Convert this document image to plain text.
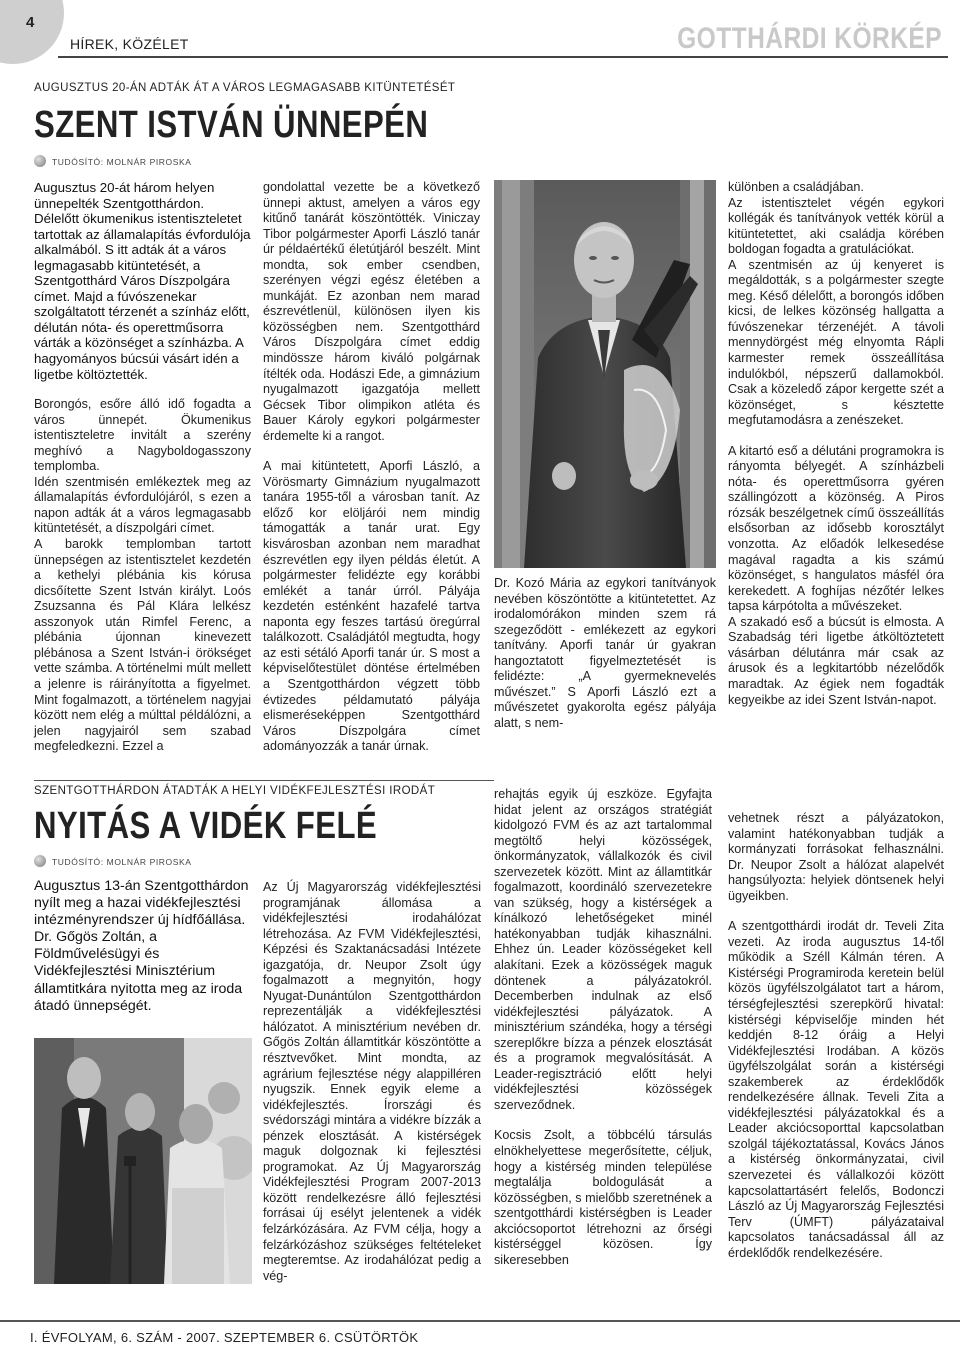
4
HÍREK, KÖZÉLET	GOTTHÁRDI KÖRKÉP
AUGUSZTUS 20-ÁN ADTÁK ÁT A VÁROS LEGMAGASABB KITÜNTETÉSÉT
SZENT ISTVÁN ÜNNEPÉN
TUDÓSÍTÓ: MOLNÁR PIROSKA

Augusztus 20-át három helyen ünnepelték Szentgotthárdon. Délelőtt ökumenikus istentiszteletet tartottak az államalapítás évfordulója alkalmából. S itt adták át a város legmagasabb kitüntetését, a Szentgotthárd Város Díszpolgára címet. Majd a fúvószenekar szolgáltatott térzenét a színház előtt, délután nóta- és operettműsorra várták a közönséget a színházba. A hagyományos búcsúi vásárt idén a ligetbe költöztették.

Borongós, esőre álló idő fogadta a város ünnepét. Ökumenikus istentiszteletre invitált a szerény meghívó a Nagyboldogasszony templomba.

Idén szentmisén emlékeztek meg az államalapítás évfordulójáról, s ezen a napon adták át a város legmagasabb kitüntetését, a díszpolgári címet.

A barokk templomban tartott ünnepségen az istentisztelet kezdetén a kethelyi plébánia kis kórusa dicsőítette Szent István királyt. Loós Zsuzsanna és Pál Klára lelkész asszonyok után Rimfel Ferenc, a plébánia újonnan kinevezett plébánosa a Szent István-i örökséget vette számba. A történelmi múlt mellett a jelenre is ráirányította a figyelmet. Mint fogalmazott, a történelem nagyjai között nem elég a múlttal példálózni, a jelen nagyjairól sem szabad megfeledkezni. Ezzel a

gondolattal vezette be a következő ünnepi aktust, amelyen a város egy kitűnő tanárát köszöntötték. Viniczay Tibor polgármester Aporfi László tanár úr példaértékű életútjáról beszélt. Mint mondta, sok ember csendben, szerényen végzi egész életében a munkáját. Ez azonban nem marad észrevétlenül, különösen ilyen kis közösségben nem. Szentgotthárd Város Díszpolgára címet eddig mindössze három kiváló polgárnak ítélték oda. Hodászi Ede, a gimnázium nyugalmazott igazgatója mellett Gécsek Tibor olimpikon atléta és Bauer Károly egykori polgármester érdemelte ki a rangot.

A mai kitüntetett, Aporfi László, a Vörösmarty Gimnázium nyugalmazott tanára 1955-től a városban tanít. Az előző kor elöljárói nem mindig támogatták a tanár urat. Egy kisvárosban azonban nem maradhat észrevétlen egy ilyen példás életút. A polgármester felidézte egy korábbi emlékét a tanár úrról. Pályája kezdetén esténként hazafelé tartva naponta egy feszes tartású öregúrral találkozott. Családjától megtudta, hogy az esti sétáló Aporfi tanár úr. S most a képviselőtestület döntése értelmében a Szentgotthárdon végzett több évtizedes példamutató pályája elismeréseképpen Szentgotthárd Város Díszpolgára címet adományozzák a tanár úrnak.

Dr. Kozó Mária az egykori tanítványok nevében köszöntötte a kitüntetettet. Az irodalomórákon minden szem rá szegeződött - emlékezett az egykori tanítvány. Aporfi tanár úr gyakran hangoztatott figyelmeztetését is felidézte: „A gyermeknevelés művészet.” S Aporfi László ezt a művészetet gyakorolta egész pályája alatt, s nem-

különben a családjában.

Az istentisztelet végén egykori kollégák és tanítványok vették körül a kitüntetettet, aki családja körében boldogan fogadta a gratulációkat.

A szentmisén az új kenyeret is megáldották, s a polgármester szegte meg. Késő délelőtt, a borongós időben kicsi, de lelkes közönség hallgatta a fúvószenekar térzenéjét. A távoli mennydörgést még elnyomta Rápli karmester remek összeállítása indulókból, népszerű dallamokból. Csak a közeledő zápor kergette szét a közönséget, s késztette megfutamodásra a zenészeket.

A kitartó eső a délutáni programokra is rányomta bélyegét. A színházbeli nóta- és operettműsorra gyéren szállingózott a közönség. A Piros rózsák beszélgetnek című összeállítás elsősorban az idősebb korosztályt vonzotta. Az előadók lelkesedése magával ragadta a kis számú közönséget, s hangulatos másfél óra kerekedett. A foghíjas nézőtér lelkes tapsa kárpótolta a művészeket.

A szakadó eső a búcsút is elmosta. A Szabadság téri ligetbe átköltöztetett vásárban délutánra már csak az árusok és a legkitartóbb nézelődők maradtak. Az égiek nem fogadták kegyeikbe az idei Szent István-napot.

SZENTGOTTHÁRDON ÁTADTÁK A HELYI VIDÉKFEJLESZTÉSI IRODÁT
NYITÁS A VIDÉK FELÉ
TUDÓSÍTÓ: MOLNÁR PIROSKA
Augusztus 13-án Szentgotthárdon nyílt meg a hazai vidékfejlesztési intézményrendszer új hídfőállása. Dr. Gőgös Zoltán, a Földművelésügyi és Vidékfejlesztési Minisztérium államtitkára nyitotta meg az iroda átadó ünnepségét.

Az Új Magyarország vidékfejlesztési programjának állomása a vidékfejlesztési irodahálózat létrehozása. Az FVM Vidékfejlesztési, Képzési és Szaktanácsadási Intézete igazgatója, dr. Neupor Zsolt úgy fogalmazott a megnyitón, hogy Nyugat-Dunántúlon Szentgotthárdon reprezentálják a vidékfejlesztési hálózatot. A minisztérium nevében dr. Gőgös Zoltán államtitkár köszöntötte a résztvevőket. Mint mondta, az agrárium fejlesztése négy alappilléren nyugszik. Ennek egyik eleme a vidékfejlesztés. Írországi és svédországi mintára a vidékre bízzák a pénzek elosztását. A kistérségek maguk dolgoznak ki fejlesztési programokat. Az Új Magyarország Vidékfejlesztési Program 2007-2013 között rendelkezésre álló fejlesztési forrásai új esélyt jelentenek a vidék felzárkózására. Az FVM célja, hogy a felzárkózáshoz szükséges feltételeket megteremtse. Az irodahálózat pedig a vég-

rehajtás egyik új eszköze. Egyfajta hidat jelent az országos stratégiát kidolgozó FVM és az azt tartalommal megtöltő helyi közösségek, önkormányzatok, vállalkozók és civil szervezetek között. Mint az államtitkár fogalmazott, koordináló szervezetekre van szükség, hogy a kistérségek a kínálkozó lehetőségeket minél hatékonyabban tudják kihasználni. Ehhez ún. Leader közösségeket kell alakítani. Ezek a közösségek maguk döntenek a pályázatokról. Decemberben indulnak az első vidékfejlesztési pályázatok. A minisztérium szándéka, hogy a térségi szereplőkre bízza a pénzek elosztását és a programok megvalósítását. A Leader-regisztráció előtt helyi vidékfejlesztési közösségek szerveződnek.

Kocsis Zsolt, a többcélú társulás elnökhelyettese megerősítette, céljuk, hogy a kistérség minden települése megtalálja boldogulását a közösségben, s mielőbb szeretnének a szentgotthárdi kistérségben is Leader akciócsoportot létrehozni az őrségi kistérséggel közösen. Így sikeresebben

vehetnek részt a pályázatokon, valamint hatékonyabban tudják a kormányzati forrásokat felhasználni. Dr. Neupor Zsolt a hálózat alapelvét hangsúlyozta: helyiek döntsenek helyi ügyeikben.

A szentgotthárdi irodát dr. Teveli Zita vezeti. Az iroda augusztus 14-től működik a Széll Kálmán téren. A Kistérségi Programiroda keretein belül közös ügyfélszolgálatot tart a három, térségfejlesztési szerepkörű hivatal: kistérségi képviselője minden hét keddjén 8-12 óráig a Helyi Vidékfejlesztési Irodában. A közös ügyfélszolgálat során a kistérségi szakemberek az érdeklődők rendelkezésére állnak. Teveli Zita a vidékfejlesztési pályázatokkal és a Leader akciócsoporttal kapcsolatban szolgál tájékoztatással, Kovács János a kistérség önkormányzatai, civil szervezetei és vállalkozói között kapcsolattartásért felelős, Bodonczi László az Új Magyarország Fejlesztési Terv (ÚMFT) pályázataival kapcsolatos tanácsadással áll az érdeklődők rendelkezésére.

I. ÉVFOLYAM, 6. SZÁM - 2007. SZEPTEMBER 6. CSÜTÖRTÖK
